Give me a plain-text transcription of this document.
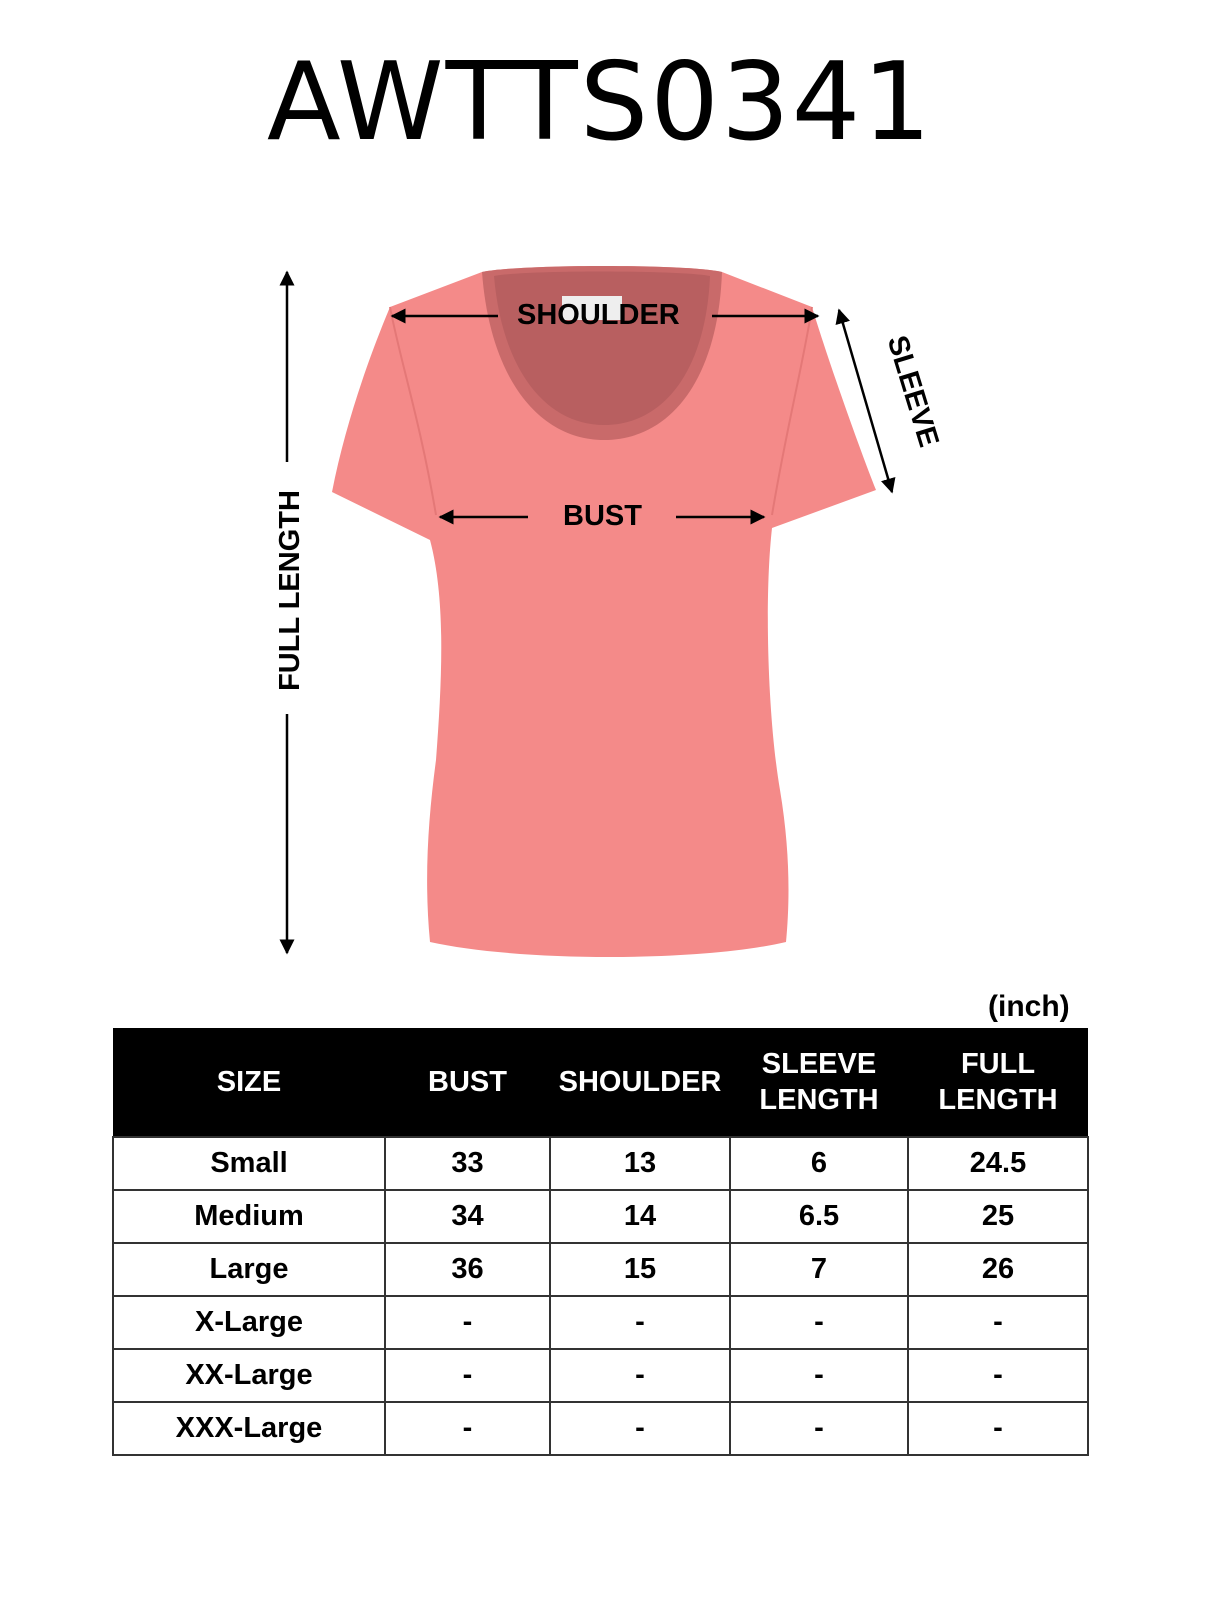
AWTTS0341
SHOULDER
BUST
SLEEVE
FULL LENGTH
(inch)
SIZE	BUST	SHOULDER	SLEEVE LENGTH	FULL LENGTH
Small	33	13	6	24.5
Medium	34	14	6.5	25
Large	36	15	7	26
X-Large	-	-	-	-
XX-Large	-	-	-	-
XXX-Large	-	-	-	-
